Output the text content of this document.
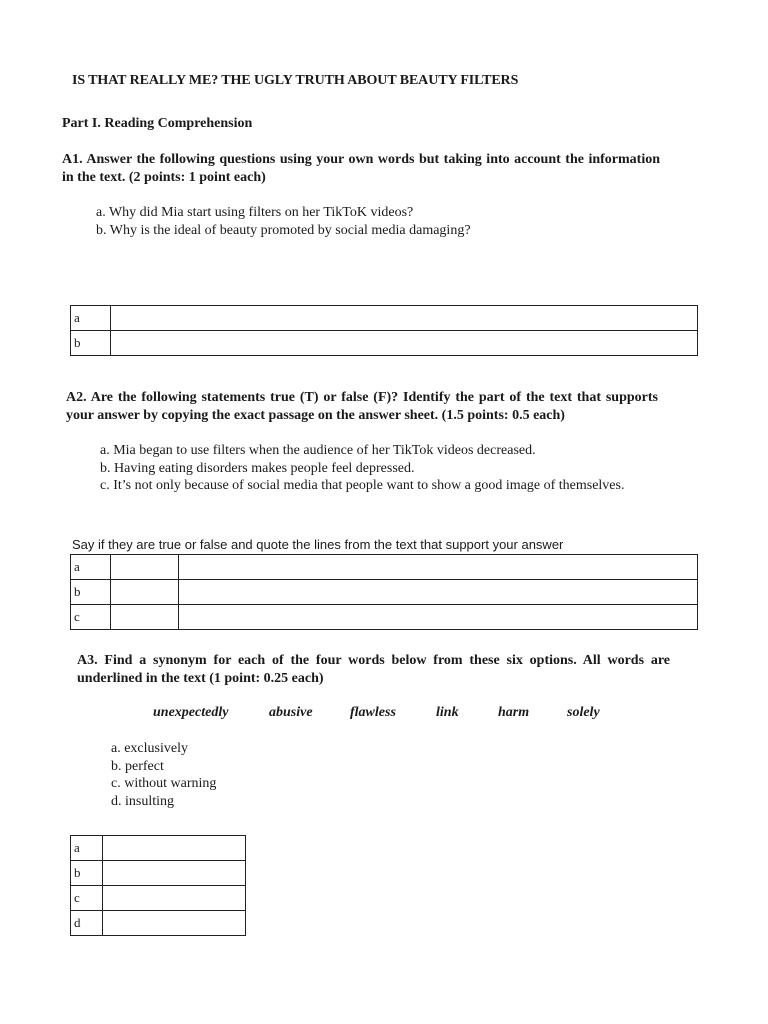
IS THAT REALLY ME? THE UGLY TRUTH ABOUT BEAUTY FILTERS
Part I. Reading Comprehension
A1. Answer the following questions using your own words but taking into account the information in the text. (2 points: 1 point each)
a. Why did Mia start using filters on her TikToK videos?
b. Why is the ideal of beauty promoted by social media damaging?
a	
b	
A2. Are the following statements true (T) or false (F)? Identify the part of the text that supports your answer by copying the exact passage on the answer sheet. (1.5 points: 0.5 each)
a. Mia began to use filters when the audience of her TikTok videos decreased.
b. Having eating disorders makes people feel depressed.
c. It’s not only because of social media that people want to show a good image of themselves.
Say if they are true or false and quote the lines from the text that support your answer
a		
b		
c		
A3. Find a synonym for each of the four words below from these six options. All words are underlined in the text (1 point: 0.25 each)
unexpectedly	abusive	flawless	link	harm	solely
a. exclusively
b. perfect
c. without warning
d. insulting
a	
b	
c	
d	
